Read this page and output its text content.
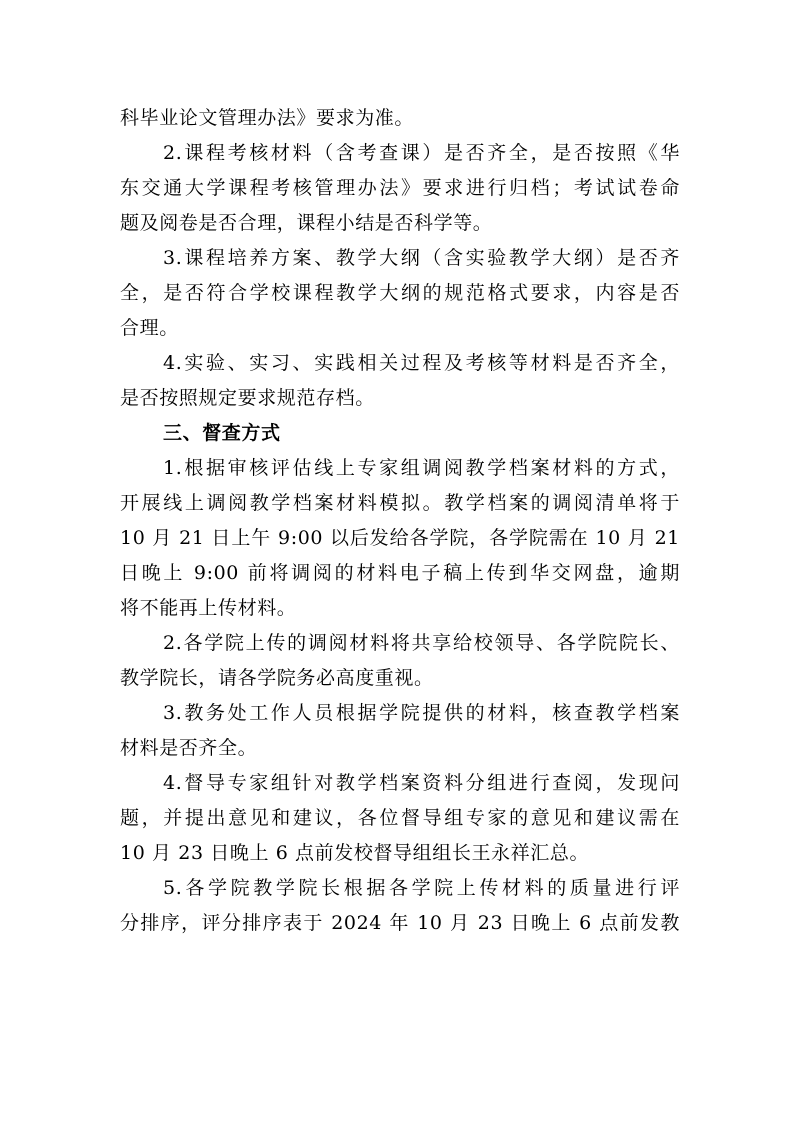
科毕业论文管理办法》要求为准。
2.课程考核材料（含考查课）是否齐全，是否按照《华
东交通大学课程考核管理办法》要求进行归档；考试试卷命
题及阅卷是否合理，课程小结是否科学等。
3.课程培养方案、教学大纲（含实验教学大纲）是否齐
全，是否符合学校课程教学大纲的规范格式要求，内容是否
合理。
4.实验、实习、实践相关过程及考核等材料是否齐全，
是否按照规定要求规范存档。
三、督查方式
1.根据审核评估线上专家组调阅教学档案材料的方式，
开展线上调阅教学档案材料模拟。教学档案的调阅清单将于
10 月 21 日上午 9:00 以后发给各学院，各学院需在 10 月 21
日晚上 9:00 前将调阅的材料电子稿上传到华交网盘，逾期
将不能再上传材料。
2.各学院上传的调阅材料将共享给校领导、各学院院长、
教学院长，请各学院务必高度重视。
3.教务处工作人员根据学院提供的材料，核查教学档案
材料是否齐全。
4.督导专家组针对教学档案资料分组进行查阅，发现问
题，并提出意见和建议，各位督导组专家的意见和建议需在
10 月 23 日晚上 6 点前发校督导组组长王永祥汇总。
5.各学院教学院长根据各学院上传材料的质量进行评
分排序，评分排序表于 2024 年 10 月 23 日晚上 6 点前发教
